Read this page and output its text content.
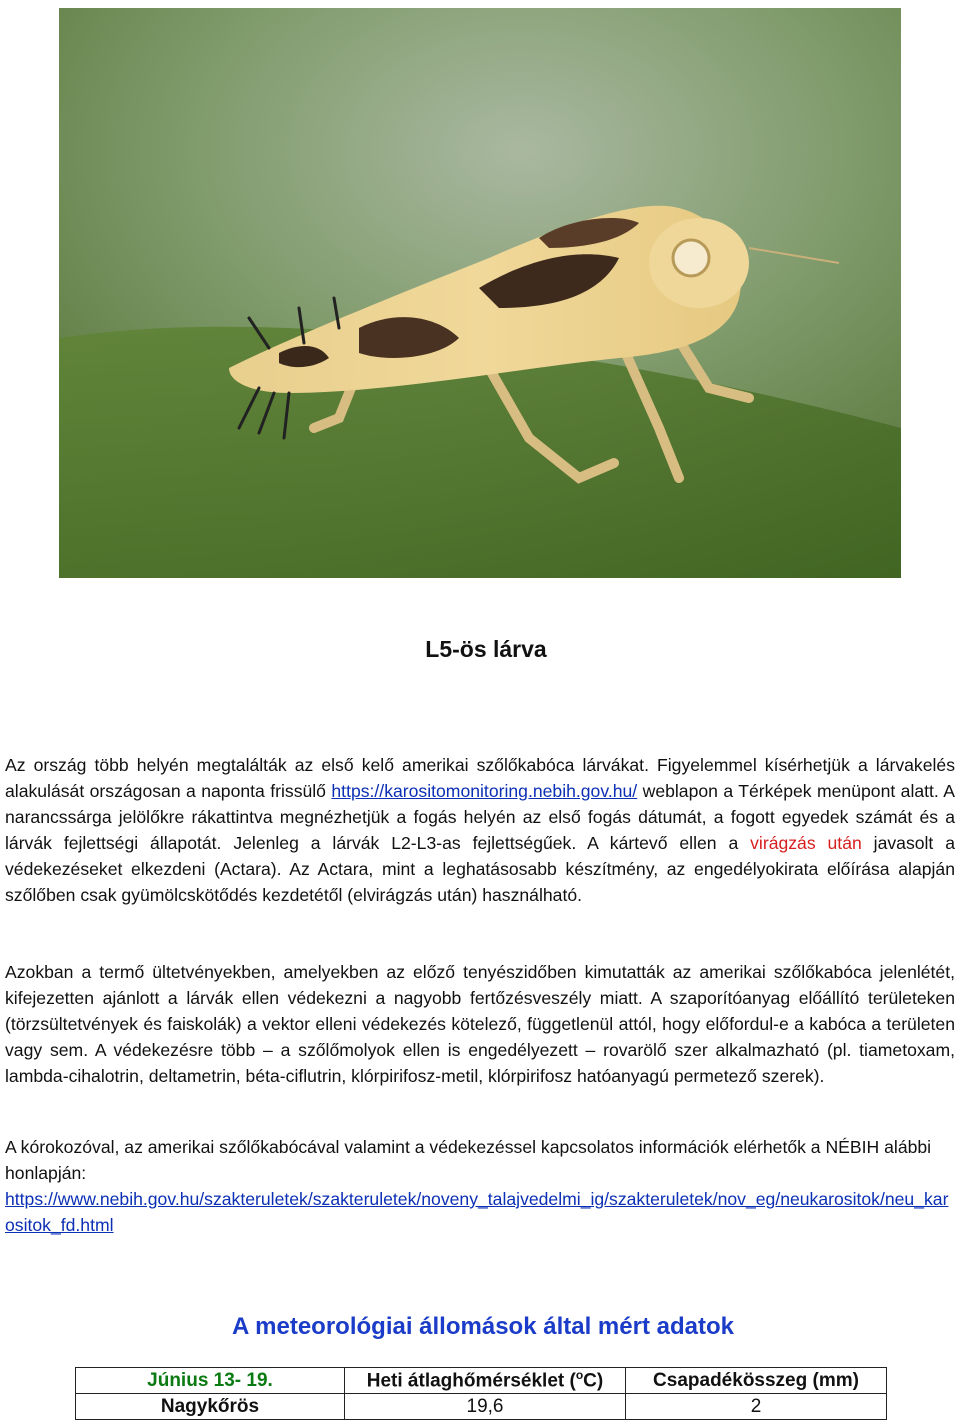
L5-ös lárva

Az ország több helyén megtalálták az első kelő amerikai szőlőkabóca lárvákat. Figyelemmel kísérhetjük a lárvakelés alakulását országosan a naponta frissülő https://karositomonitoring.nebih.gov.hu/ weblapon a Térképek menüpont alatt. A narancssárga jelölőkre rákattintva megnézhetjük a fogás helyén az első fogás dátumát, a fogott egyedek számát és a lárvák fejlettségi állapotát. Jelenleg a lárvák L2-L3-as fejlettségűek. A kártevő ellen a virágzás után javasolt a védekezéseket elkezdeni (Actara). Az Actara, mint a leghatásosabb készítmény, az engedélyokirata előírása alapján szőlőben csak gyümölcskötődés kezdetétől (elvirágzás után) használható.

Azokban a termő ültetvényekben, amelyekben az előző tenyészidőben kimutatták az amerikai szőlőkabóca jelenlétét, kifejezetten ajánlott a lárvák ellen védekezni a nagyobb fertőzésveszély miatt. A szaporítóanyag előállító területeken (törzsültetvények és faiskolák) a vektor elleni védekezés kötelező, függetlenül attól, hogy előfordul-e a kabóca a területen vagy sem. A védekezésre több – a szőlőmolyok ellen is engedélyezett – rovarölő szer alkalmazható (pl. tiametoxam, lambda-cihalotrin, deltametrin, béta-ciflutrin, klórpirifosz-metil, klórpirifosz hatóanyagú permetező szerek).

A kórokozóval, az amerikai szőlőkabócával valamint a védekezéssel kapcsolatos információk elérhetők a NÉBIH alábbi honlapján:
https://www.nebih.gov.hu/szakteruletek/szakteruletek/noveny_talajvedelmi_ig/szakteruletek/nov_eg/neukarositok/neu_karositok_fd.html
A meteorológiai állomások által mért adatok
Június 13- 19.	Heti átlaghőmérséklet ($^o$C)	Csapadékösszeg (mm)
Nagykőrös	19,6	2
